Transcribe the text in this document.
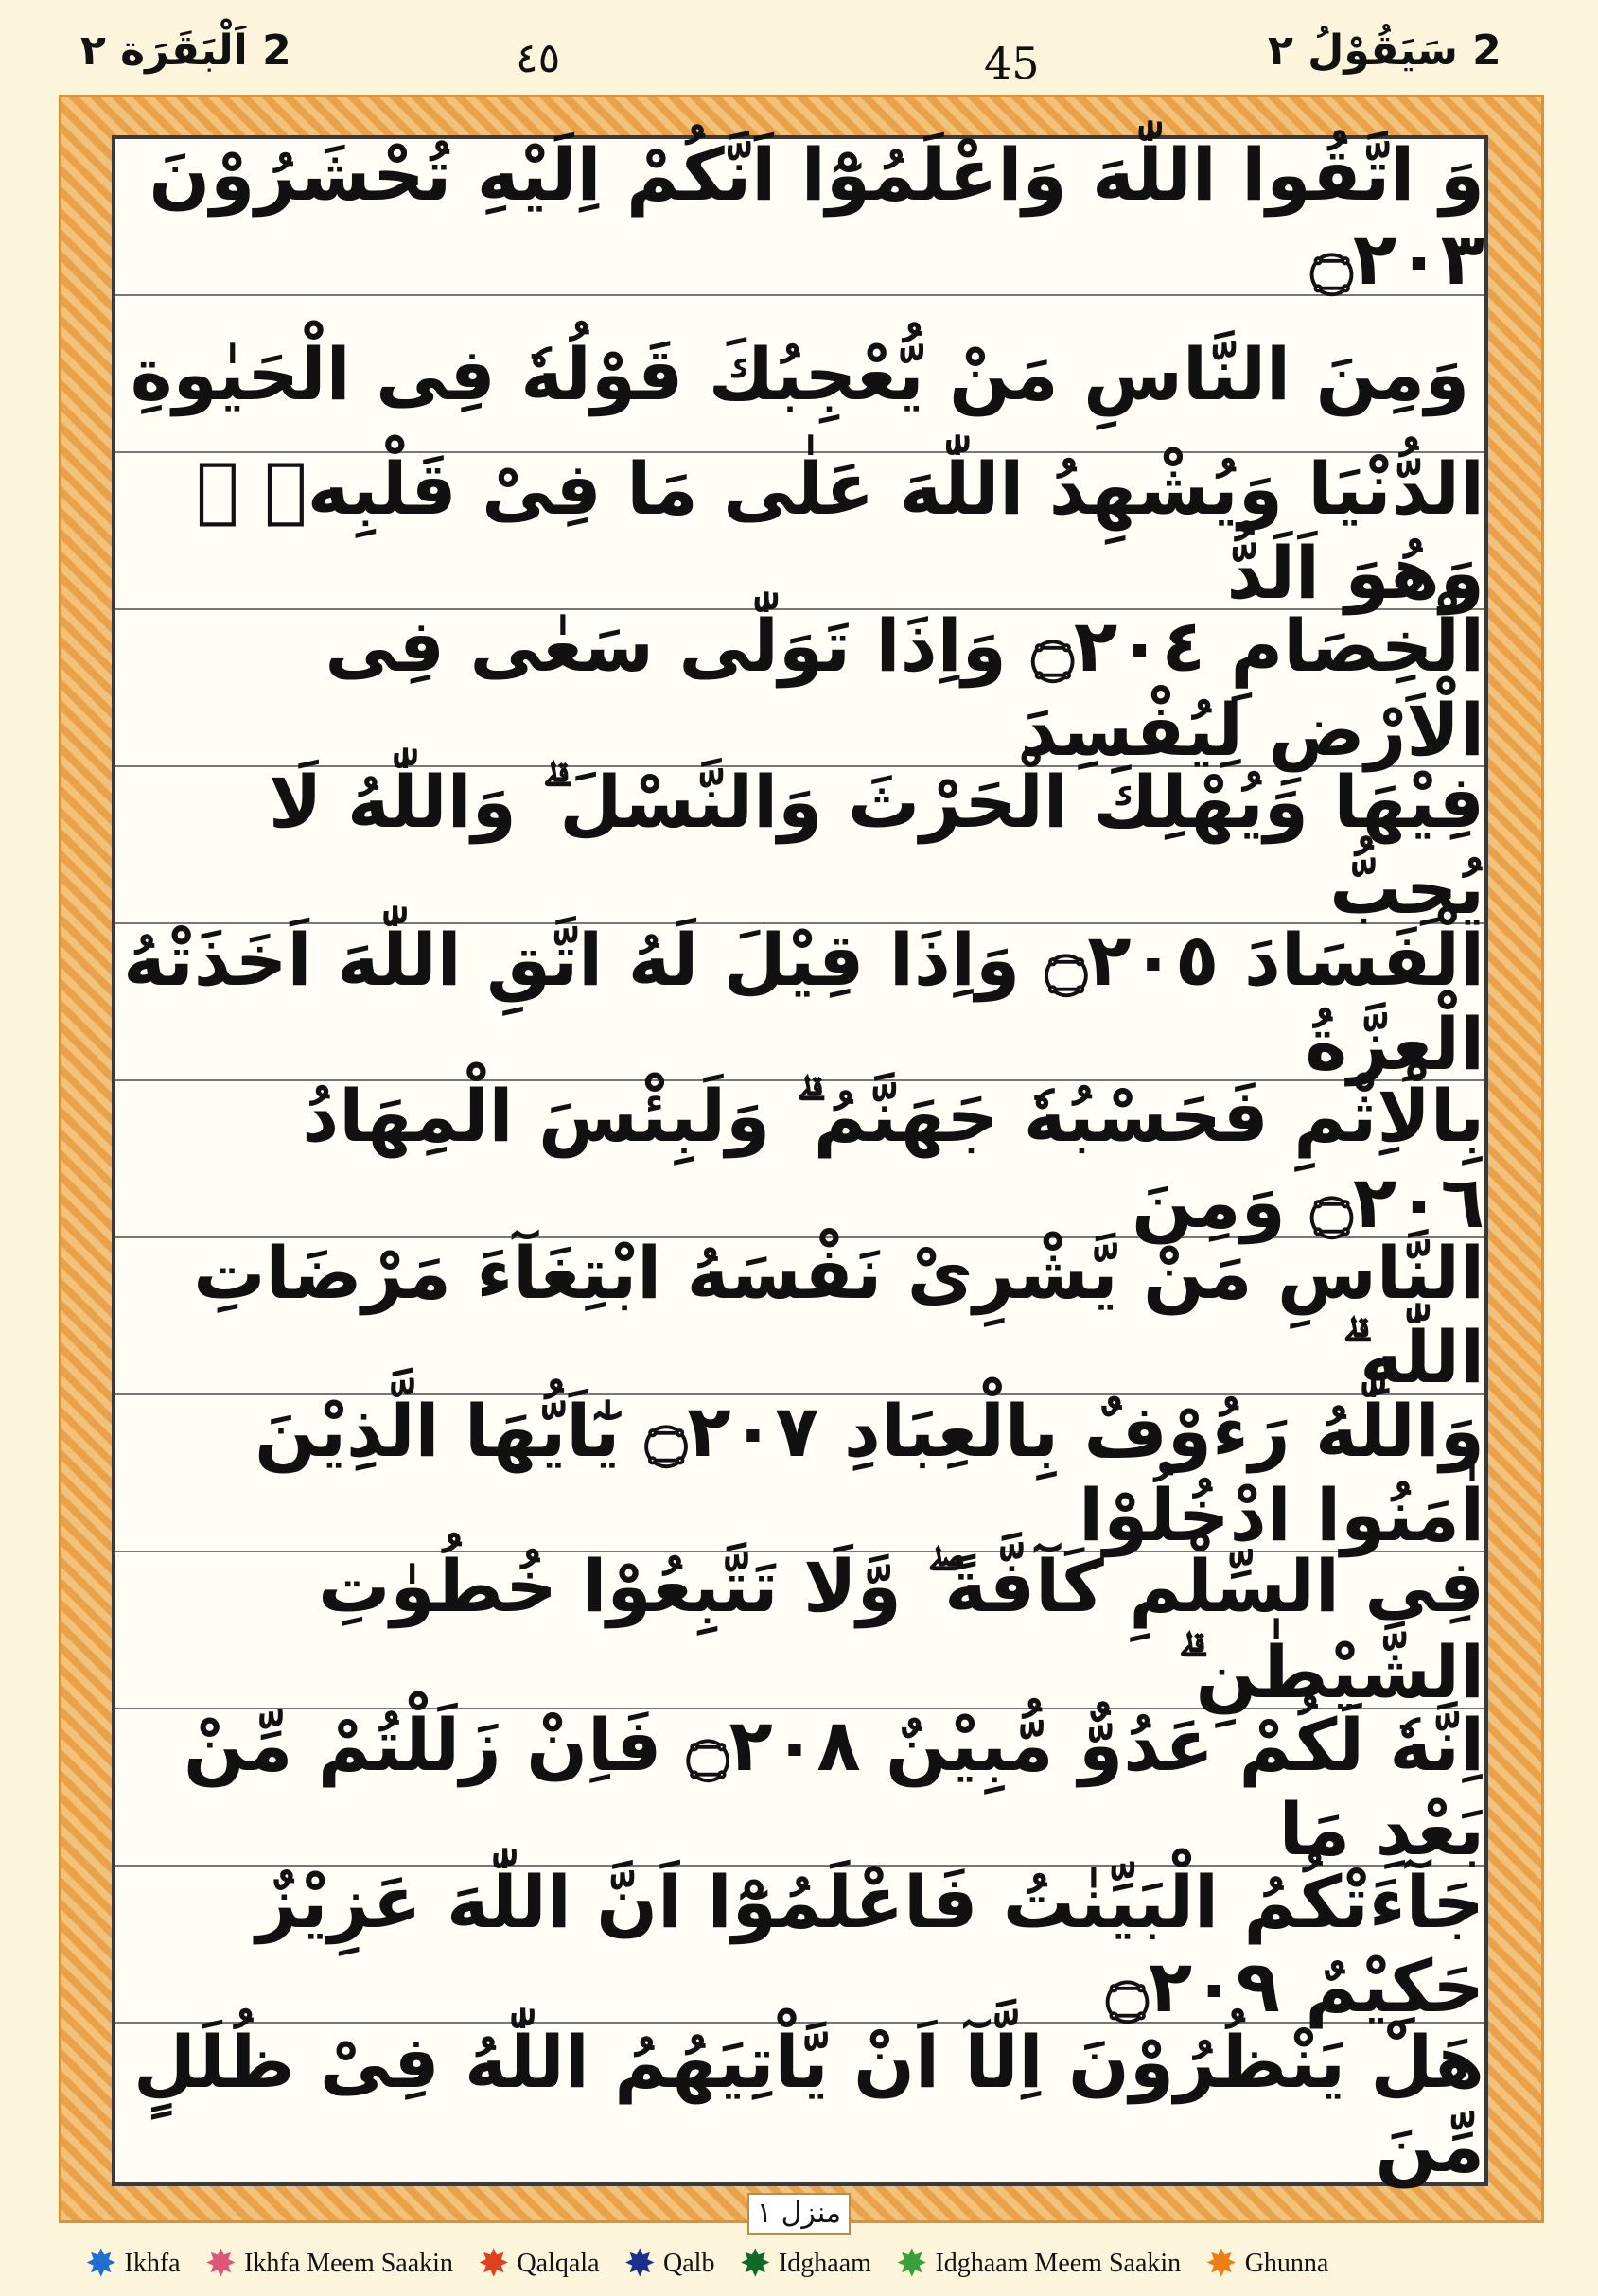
2 اَلْبَقَرَة ٢	٤٥	45	2 سَيَقُوْلُ ٢
وَ اتَّقُوا اللّٰهَ وَاعْلَمُوْٓا اَنَّكُمْ اِلَيْهِ تُحْشَرُوْنَ ۝٢٠٣
وَمِنَ النَّاسِ مَنْ يُّعْجِبُكَ قَوْلُهٗ فِى الْحَيٰوةِ
الدُّنْيَا وَيُشْهِدُ اللّٰهَ عَلٰى مَا فِىْ قَلْبِهٖ ۙ وَهُوَ اَلَدُّ
الْخِصَامِ ۝٢٠٤ وَاِذَا تَوَلّٰى سَعٰى فِى الْاَرْضِ لِيُفْسِدَ
فِيْهَا وَيُهْلِكَ الْحَرْثَ وَالنَّسْلَ ۗ وَاللّٰهُ لَا يُحِبُّ
الْفَسَادَ ۝٢٠٥ وَاِذَا قِيْلَ لَهُ اتَّقِ اللّٰهَ اَخَذَتْهُ الْعِزَّةُ
بِالْاِثْمِ فَحَسْبُهٗ جَهَنَّمُ ۗ وَلَبِئْسَ الْمِهَادُ ۝٢٠٦ وَمِنَ
النَّاسِ مَنْ يَّشْرِىْ نَفْسَهُ ابْتِغَآءَ مَرْضَاتِ اللّٰهِ ۗ
وَاللّٰهُ رَءُوْفٌ بِالْعِبَادِ ۝٢٠٧ يٰٓاَيُّهَا الَّذِيْنَ اٰمَنُوا ادْخُلُوْا
فِى السِّلْمِ كَآفَّةً ۖ وَّلَا تَتَّبِعُوْا خُطُوٰتِ الشَّيْطٰنِ ۗ
اِنَّهٗ لَكُمْ عَدُوٌّ مُّبِيْنٌ ۝٢٠٨ فَاِنْ زَلَلْتُمْ مِّنْ بَعْدِ مَا
جَآءَتْكُمُ الْبَيِّنٰتُ فَاعْلَمُوْٓا اَنَّ اللّٰهَ عَزِيْزٌ حَكِيْمٌ ۝٢٠٩
هَلْ يَنْظُرُوْنَ اِلَّآ اَنْ يَّاْتِيَهُمُ اللّٰهُ فِىْ ظُلَلٍ مِّنَ
منزل ١
✸ Ikhfa ✸ Ikhfa Meem Saakin ✸ Qalqala ✸ Qalb ✸ Idghaam ✸ Idghaam Meem Saakin ✸ Ghunna
